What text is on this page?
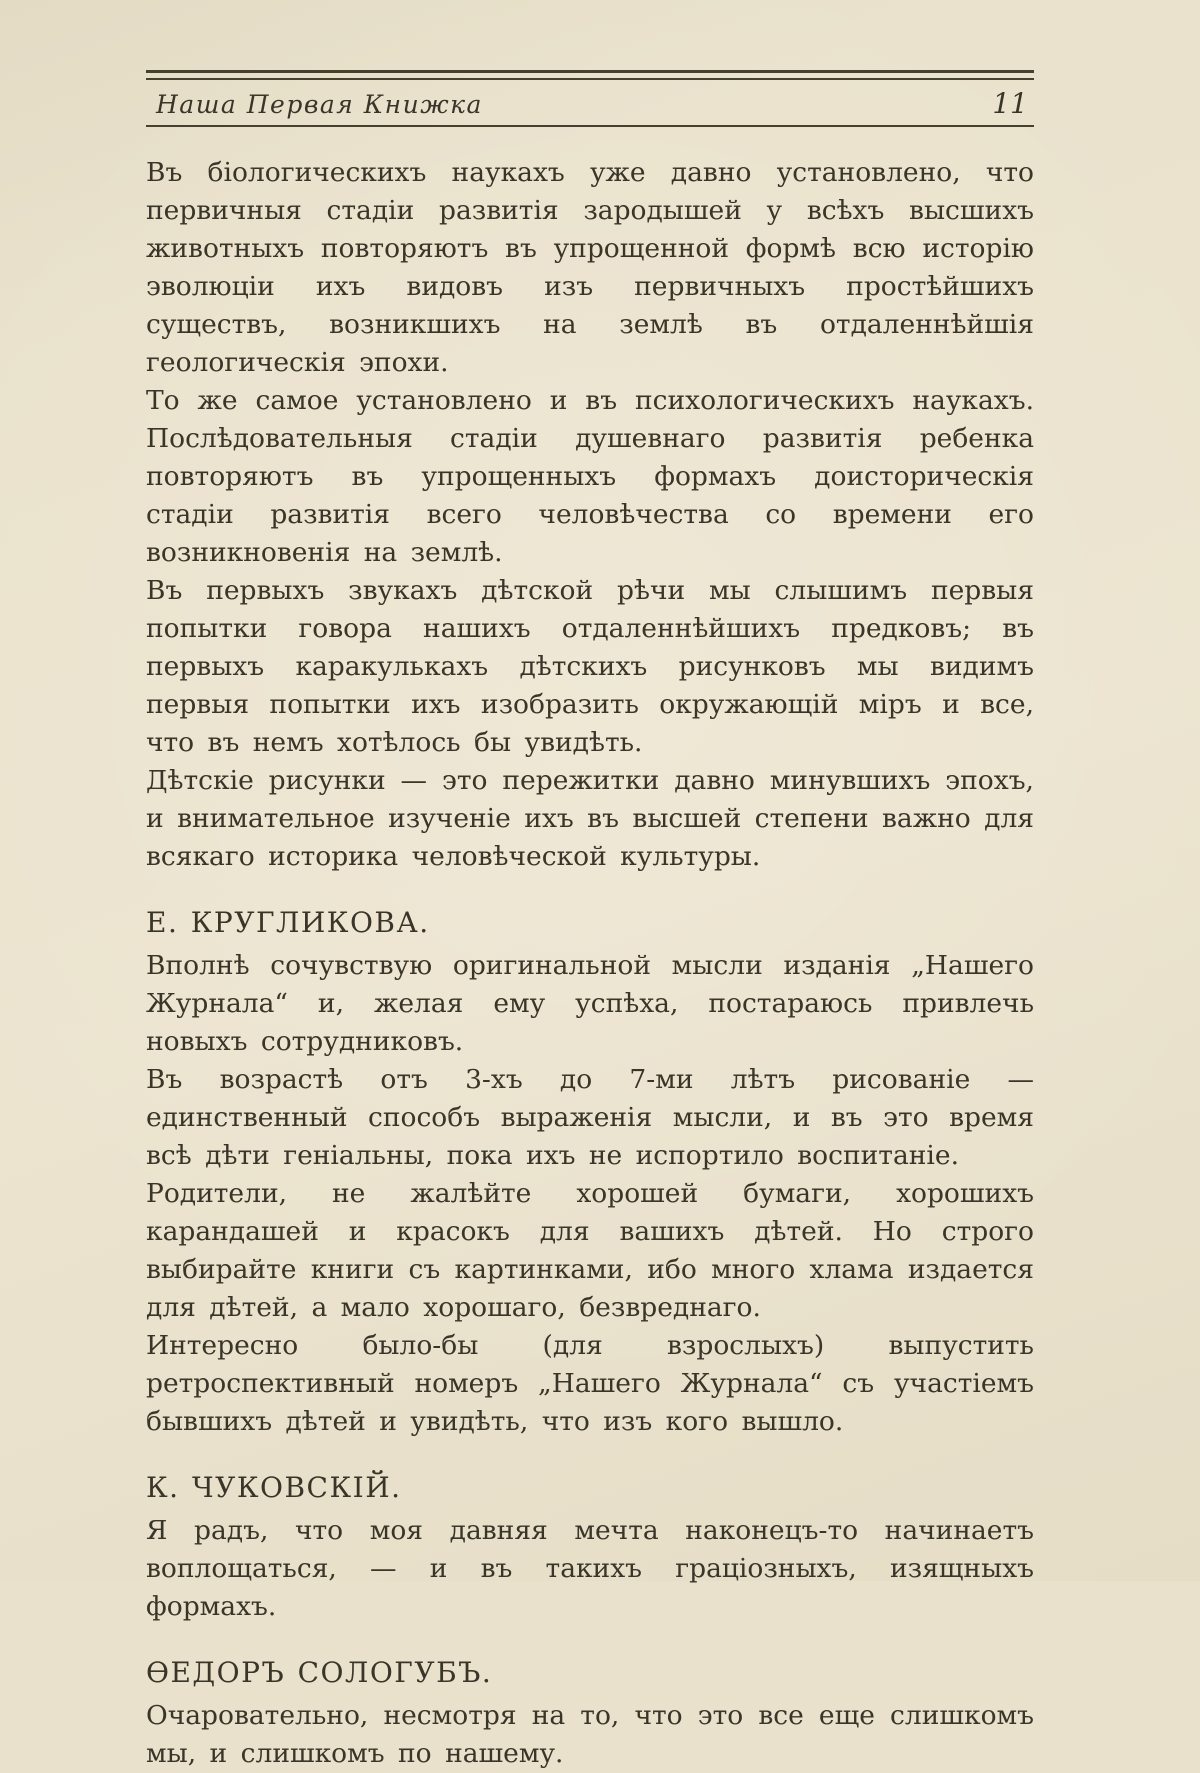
Наша Первая Книжка	11

Въ біологическихъ наукахъ уже давно установлено, что первичныя стадіи развитія зародышей у всѣхъ высшихъ животныхъ повторяютъ въ упрощенной формѣ всю исторію эволюціи ихъ видовъ изъ первичныхъ простѣйшихъ существъ, возникшихъ на землѣ въ отдаленнѣйшія геологическія эпохи.

То же самое установлено и въ психологическихъ наукахъ. Послѣдовательныя стадіи душевнаго развитія ребенка повторяютъ въ упрощенныхъ формахъ доисторическія стадіи развитія всего человѣчества со времени его возникновенія на землѣ.

Въ первыхъ звукахъ дѣтской рѣчи мы слышимъ первыя попытки говора нашихъ отдаленнѣйшихъ предковъ; въ первыхъ каракулькахъ дѣтскихъ рисунковъ мы видимъ первыя попытки ихъ изобразить окружающій міръ и все, что въ немъ хотѣлось бы увидѣть.

Дѣтскіе рисунки — это пережитки давно минувшихъ эпохъ, и внимательное изученіе ихъ въ высшей степени важно для всякаго историка человѣческой культуры.

Е. КРУГЛИКОВА.

Вполнѣ сочувствую оригинальной мысли изданія „Нашего Журнала“ и, желая ему успѣха, постараюсь привлечь новыхъ сотрудниковъ.

Въ возрастѣ отъ 3-хъ до 7-ми лѣтъ рисованіе — единственный способъ выраженія мысли, и въ это время всѣ дѣти геніальны, пока ихъ не испортило воспитаніе.

Родители, не жалѣйте хорошей бумаги, хорошихъ карандашей и красокъ для вашихъ дѣтей. Но строго выбирайте книги съ картинками, ибо много хлама издается для дѣтей, а мало хорошаго, безвреднаго.

Интересно было-бы (для взрослыхъ) выпустить ретроспективный номеръ „Нашего Журнала“ съ участіемъ бывшихъ дѣтей и увидѣть, что изъ кого вышло.

К. ЧУКОВСКІЙ.

Я радъ, что моя давняя мечта наконецъ-то начинаетъ воплощаться, — и въ такихъ граціозныхъ, изящныхъ формахъ.

ѲЕДОРЪ СОЛОГУБЪ.

Очаровательно, несмотря на то, что это все еще слишкомъ мы, и слишкомъ по нашему.
